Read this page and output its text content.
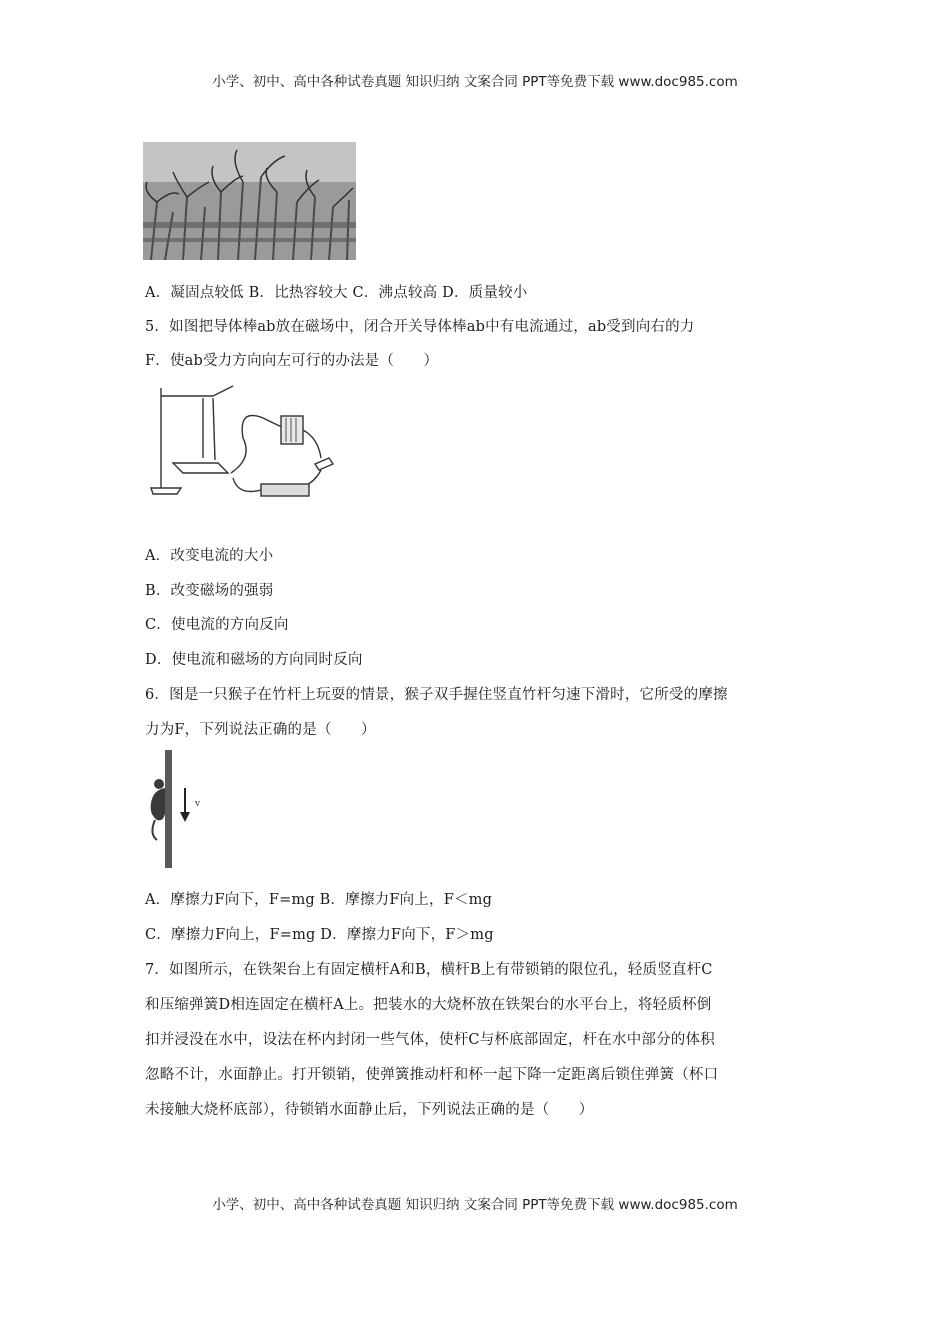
小学、初中、高中各种试卷真题 知识归纳 文案合同 PPT等免费下载 www.doc985.com
A．凝固点较低 B．比热容较大 C．沸点较高 D．质量较小
5．如图把导体棒ab放在磁场中，闭合开关导体棒ab中有电流通过，ab受到向右的力
F．使ab受力方向向左可行的办法是（　　）
A．改变电流的大小
B．改变磁场的强弱
C．使电流的方向反向
D．使电流和磁场的方向同时反向
6．图是一只猴子在竹杆上玩耍的情景，猴子双手握住竖直竹杆匀速下滑时，它所受的摩擦
力为F，下列说法正确的是（　　）
v
A．摩擦力F向下，F=mg B．摩擦力F向上，F＜mg
C．摩擦力F向上，F=mg D．摩擦力F向下，F＞mg
7．如图所示，在铁架台上有固定横杆A和B，横杆B上有带锁销的限位孔，轻质竖直杆C
和压缩弹簧D相连固定在横杆A上。把装水的大烧杯放在铁架台的水平台上，将轻质杯倒
扣并浸没在水中，设法在杯内封闭一些气体，使杆C与杯底部固定，杆在水中部分的体积
忽略不计，水面静止。打开锁销，使弹簧推动杆和杯一起下降一定距离后锁住弹簧（杯口
未接触大烧杯底部），待锁销水面静止后，下列说法正确的是（　　）
小学、初中、高中各种试卷真题 知识归纳 文案合同 PPT等免费下载 www.doc985.com
